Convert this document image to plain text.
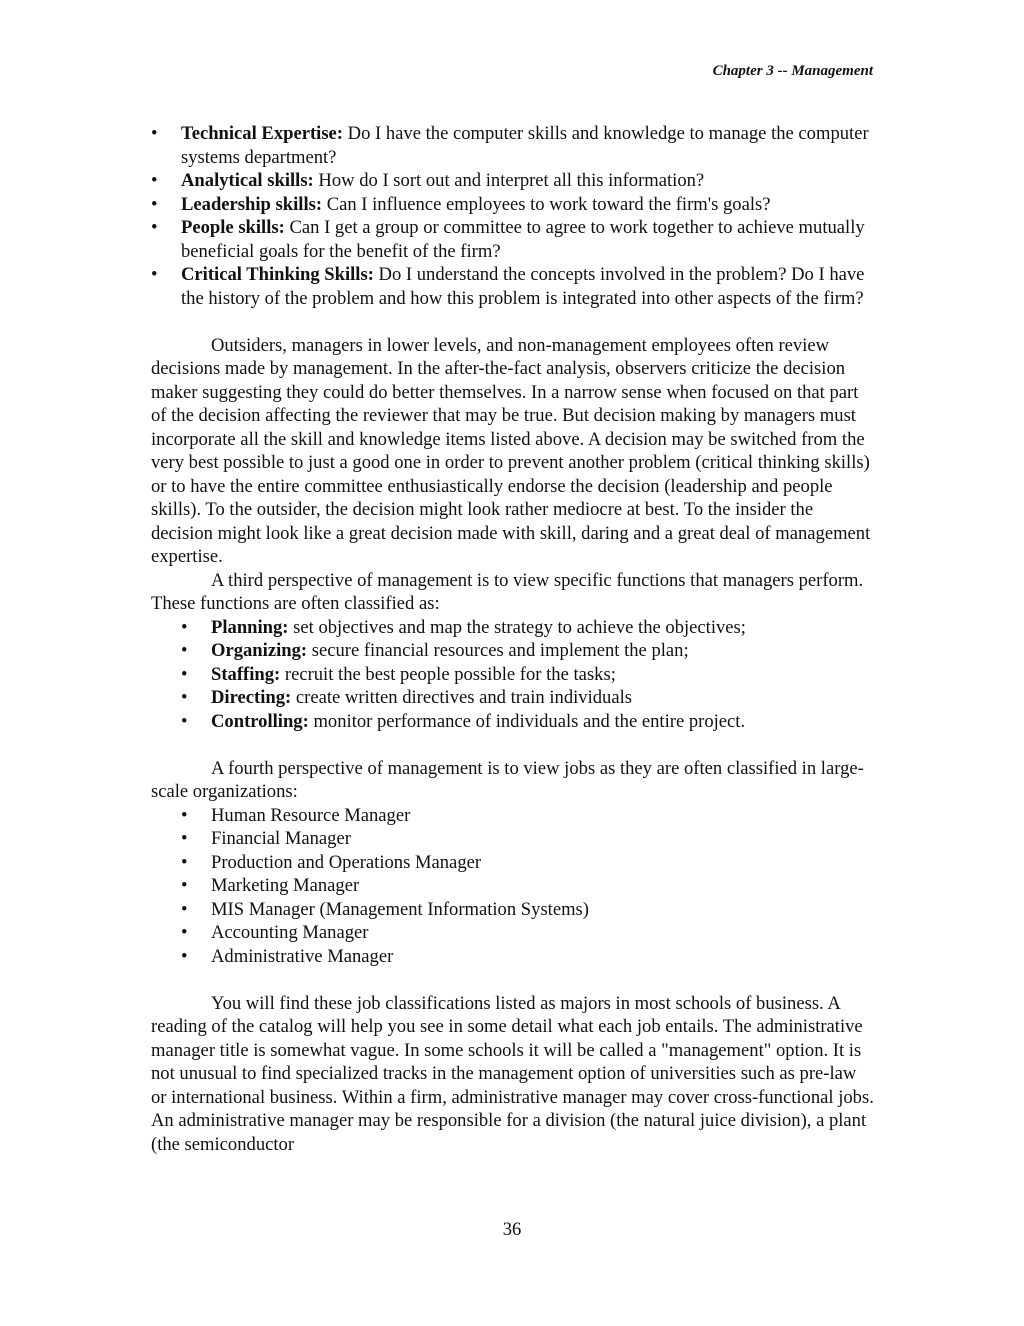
Chapter 3 -- Management
•	Technical Expertise: Do I have the computer skills and knowledge to manage the computer systems department?
•	Analytical skills: How do I sort out and interpret all this information?
•	Leadership skills: Can I influence employees to work toward the firm's goals?
•	People skills: Can I get a group or committee to agree to work together to achieve mutually beneficial goals for the benefit of the firm?
•	Critical Thinking Skills: Do I understand the concepts involved in the problem? Do I have the history of the problem and how this problem is integrated into other aspects of the firm?

Outsiders, managers in lower levels, and non-management employees often review decisions made by management. In the after-the-fact analysis, observers criticize the decision maker suggesting they could do better themselves. In a narrow sense when focused on that part of the decision affecting the reviewer that may be true. But decision making by managers must incorporate all the skill and knowledge items listed above. A decision may be switched from the very best possible to just a good one in order to prevent another problem (critical thinking skills) or to have the entire committee enthusiastically endorse the decision (leadership and people skills). To the outsider, the decision might look rather mediocre at best. To the insider the decision might look like a great decision made with skill, daring and a great deal of management expertise.

A third perspective of management is to view specific functions that managers perform. These functions are often classified as:

•	Planning: set objectives and map the strategy to achieve the objectives;
•	Organizing: secure financial resources and implement the plan;
•	Staffing: recruit the best people possible for the tasks;
•	Directing: create written directives and train individuals
•	Controlling: monitor performance of individuals and the entire project.

A fourth perspective of management is to view jobs as they are often classified in large-scale organizations:

•	Human Resource Manager
•	Financial Manager
•	Production and Operations Manager
•	Marketing Manager
•	MIS Manager (Management Information Systems)
•	Accounting Manager
•	Administrative Manager

You will find these job classifications listed as majors in most schools of business. A reading of the catalog will help you see in some detail what each job entails. The administrative manager title is somewhat vague. In some schools it will be called a "management" option. It is not unusual to find specialized tracks in the management option of universities such as pre-law or international business. Within a firm, administrative manager may cover cross-functional jobs. An administrative manager may be responsible for a division (the natural juice division), a plant (the semiconductor

36
